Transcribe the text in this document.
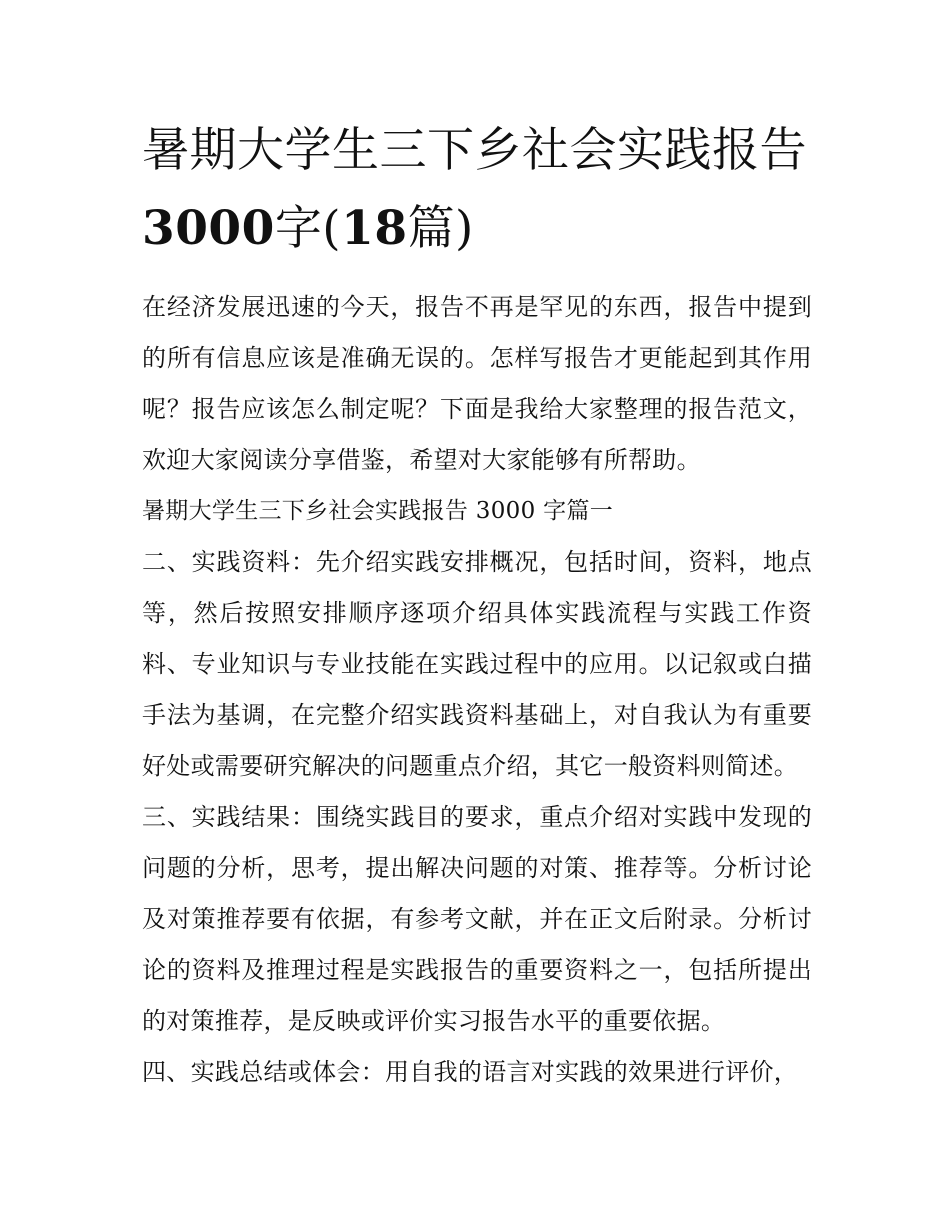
暑期大学生三下乡社会实践报告3000字(18篇)

在经济发展迅速的今天，报告不再是罕见的东西，报告中提到的所有信息应该是准确无误的。怎样写报告才更能起到其作用呢？报告应该怎么制定呢？下面是我给大家整理的报告范文，欢迎大家阅读分享借鉴，希望对大家能够有所帮助。

暑期大学生三下乡社会实践报告 3000 字篇一

二、实践资料：先介绍实践安排概况，包括时间，资料，地点等，然后按照安排顺序逐项介绍具体实践流程与实践工作资料、专业知识与专业技能在实践过程中的应用。以记叙或白描手法为基调，在完整介绍实践资料基础上，对自我认为有重要好处或需要研究解决的问题重点介绍，其它一般资料则简述。

三、实践结果：围绕实践目的要求，重点介绍对实践中发现的问题的分析，思考，提出解决问题的对策、推荐等。分析讨论及对策推荐要有依据，有参考文献，并在正文后附录。分析讨论的资料及推理过程是实践报告的重要资料之一，包括所提出的对策推荐，是反映或评价实习报告水平的重要依据。

四、实践总结或体会：用自我的语言对实践的效果进行评价，
